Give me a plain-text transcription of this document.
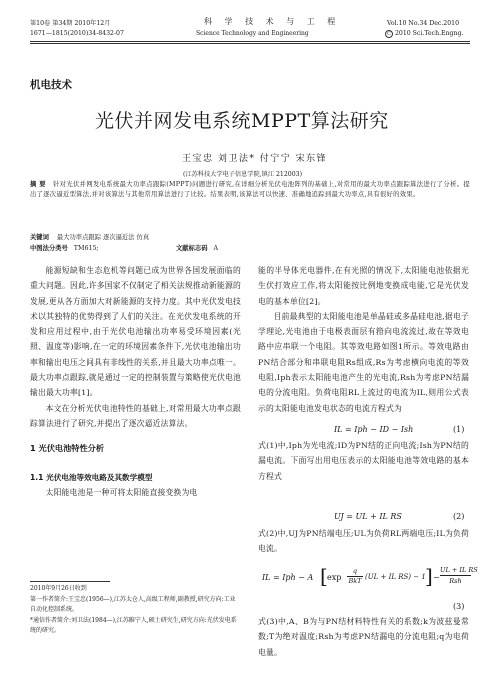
第10卷 第34期 2010年12月
1671—1815(2010)34-8432-07
科 学 技 术 与 工 程
Science Technology and Engineering
Vol.10 No.34 Dec.2010
C 2010 Sci.Tech.Engng.
机电技术
光伏并网发电系统MPPT算法研究
王宝忠 刘卫法* 付宁宁 宋东锋
(江苏科技大学电子信息学院,镇江 212003)
摘 要 针对光伏并网发电系统最大功率点跟踪(MPPT)问题进行研究,在详细分析光伏电池阵列的基础上,对常用的最大功率点跟踪算法进行了分析。提出了逐次逼近型算法,并对该算法与其他常用算法进行了比较。结果表明,该算法可以快速、准确地追踪到最大功率点,具有很好的效果。
关键词 最大功率点跟踪 逐次逼近法 仿真
中图法分类号 TM615;	文献标志码 A

能源短缺和生态危机等问题已成为世界各国发展面临的重大问题。因此,许多国家不仅制定了相关法规推动新能源的发展,更从各方面加大对新能源的支持力度。其中光伏发电技术以其独特的优势得到了人们的关注。在光伏发电系统的开发和应用过程中,由于光伏电池输出功率易受环境因素(光照、温度等)影响,在一定的环境因素条件下,光伏电池输出功率和输出电压之间具有非线性的关系,并且最大功率点唯一。最大功率点跟踪,就是通过一定的控制装置与策略使光伏电池输出最大功率[1]。

本文在分析光伏电池特性的基础上,对常用最大功率点跟踪算法进行了研究,并提出了逐次逼近法算法。

1 光伏电池特性分析
1.1 光伏电池等效电路及其数学模型

太阳能电池是一种可将太阳能直接变换为电

2010年9月26日收到
第一作者简介:王宝忠(1956—),江苏太仓人,高级工程师,副教授,研究方向:工业自动化控制系统。
*通信作者简介:刘卫法(1984—),江苏睢宁人,硕士研究生,研究方向:光伏发电系统的研究。

能的半导体光电器件,在有光照的情况下,太阳能电池依据光生伏打效应工作,将太阳能按比例地变换成电能,它是光伏发电的基本单位[2]。

目前最典型的太阳能电池是单晶硅或多晶硅电池,据电子学理论,光电池由于电极表面层有箝向电流流过,故在等效电路中应串联一个电阻。其等效电路如图1所示。等效电路由PN结合部分和串联电阻Rs组成,Rs为考虑横向电流的等效电阻,Iph表示太阳能电池产生的光电流,Rsh为考虑PN结漏电的分流电阻。负荷电阻RL上流过的电流为IL,则用公式表示的太阳能电池发电状态的电流方程式为

IL = Iph − ID − Ish	(1)

式(1)中,Iph为光电流;ID为PN结的正向电流;Ish为PN结的漏电流。下面写出用电压表示的太阳能电池等效电路的基本方程式

UJ = UL + IL RS	(2)

式(2)中,UJ为PN结端电压;UL为负荷RL两端电压;IL为负荷电流。

IL = Iph − A [ exp
q
BkT (UL + IL RS) − 1 ] −
UL + IL RS
Rsh
(3)

式(3)中,A、B为与PN结材料特性有关的系数;k为波兹曼常数;T为绝对温度;Rsh为考虑PN结漏电的分流电阻;q为电荷电量。
